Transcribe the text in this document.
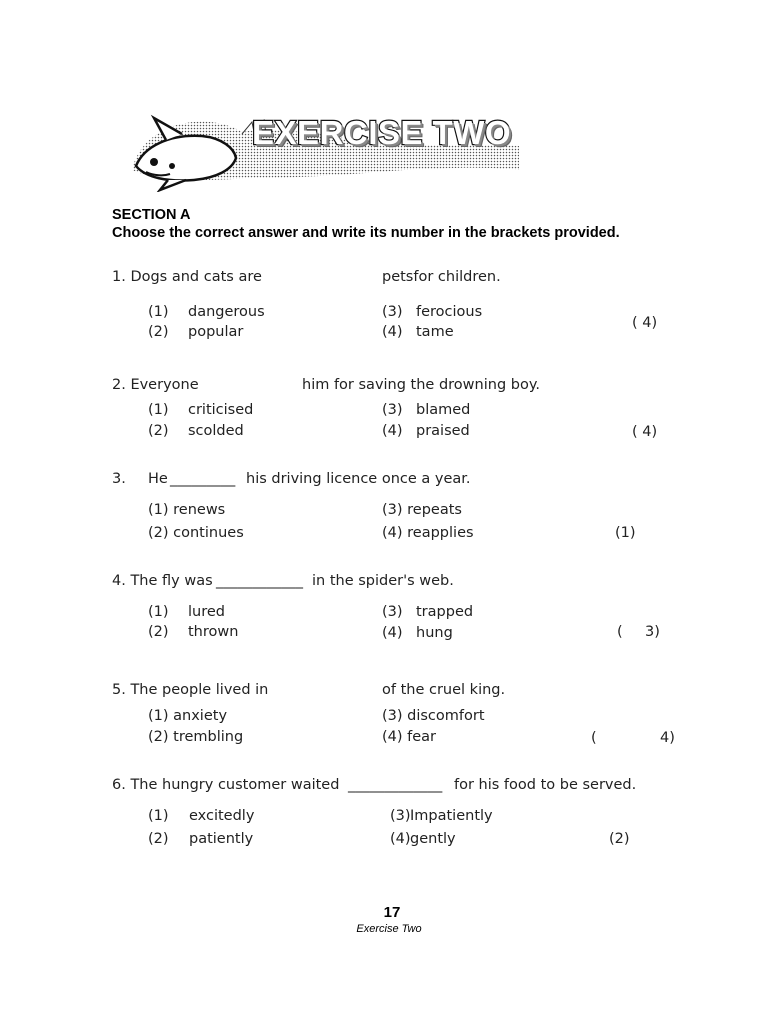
EXERCISE TWO
SECTION A
Choose the correct answer and write its number in the brackets provided.
1. Dogs and cats are	petsfor children.
(1) dangerous
(2) popular
(3) ferocious
(4) tame
( 4)
2. Everyone	him for saving the drowning boy.
(1) criticised
(2) scolded
(3) blamed
(4) praised	( 4)
3. He _________ his driving licence once a year.
(1) renews
(2) continues
(3) repeats
(4) reapplies	(1)
4. The fly was ____________ in the spider's web.
(1) lured
(2) thrown
(3) trapped
(4) hung	( 3)
5. The people lived in	of the cruel king.
(1) anxiety
(2) trembling
(3) discomfort
(4) fear	(	4)
6. The hungry customer waited _____________ for his food to be served.
(1) excitedly
(2) patiently
(3) Impatiently
(4) gently	(2)
17
Exercise Two
